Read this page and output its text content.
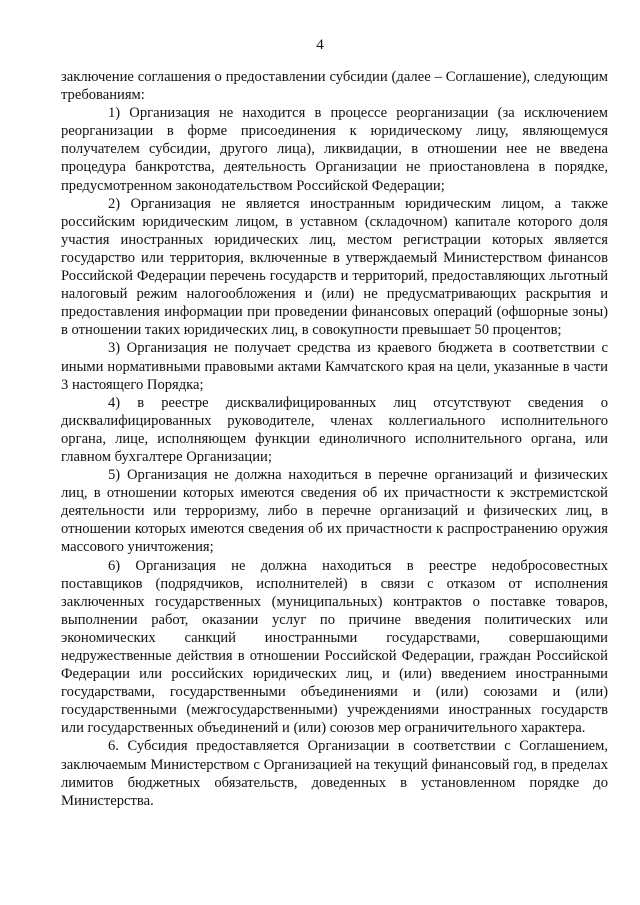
4

заключение соглашения о предоставлении субсидии (далее – Соглашение), следующим требованиям:

1) Организация не находится в процессе реорганизации (за исключением реорганизации в форме присоединения к юридическому лицу, являющемуся получателем субсидии, другого лица), ликвидации, в отношении нее не введена процедура банкротства, деятельность Организации не приостановлена в порядке, предусмотренном законодательством Российской Федерации;

2) Организация не является иностранным юридическим лицом, а также российским юридическим лицом, в уставном (складочном) капитале которого доля участия иностранных юридических лиц, местом регистрации которых является государство или территория, включенные в утверждаемый Министерством финансов Российской Федерации перечень государств и территорий, предоставляющих льготный налоговый режим налогообложения и (или) не предусматривающих раскрытия и предоставления информации при проведении финансовых операций (офшорные зоны) в отношении таких юридических лиц, в совокупности превышает 50 процентов;

3) Организация не получает средства из краевого бюджета в соответствии с иными нормативными правовыми актами Камчатского края на цели, указанные в части 3 настоящего Порядка;

4) в реестре дисквалифицированных лиц отсутствуют сведения о дисквалифицированных руководителе, членах коллегиального исполнительного органа, лице, исполняющем функции единоличного исполнительного органа, или главном бухгалтере Организации;

5) Организация не должна находиться в перечне организаций и физических лиц, в отношении которых имеются сведения об их причастности к экстремистской деятельности или терроризму, либо в перечне организаций и физических лиц, в отношении которых имеются сведения об их причастности к распространению оружия массового уничтожения;

6) Организация не должна находиться в реестре недобросовестных поставщиков (подрядчиков, исполнителей) в связи с отказом от исполнения заключенных государственных (муниципальных) контрактов о поставке товаров, выполнении работ, оказании услуг по причине введения политических или экономических санкций иностранными государствами, совершающими недружественные действия в отношении Российской Федерации, граждан Российской Федерации или российских юридических лиц, и (или) введением иностранными государствами, государственными объединениями и (или) союзами и (или) государственными (межгосударственными) учреждениями иностранных государств или государственных объединений и (или) союзов мер ограничительного характера.

6. Субсидия предоставляется Организации в соответствии с Соглашением, заключаемым Министерством с Организацией на текущий финансовый год, в пределах лимитов бюджетных обязательств, доведенных в установленном порядке до Министерства.
